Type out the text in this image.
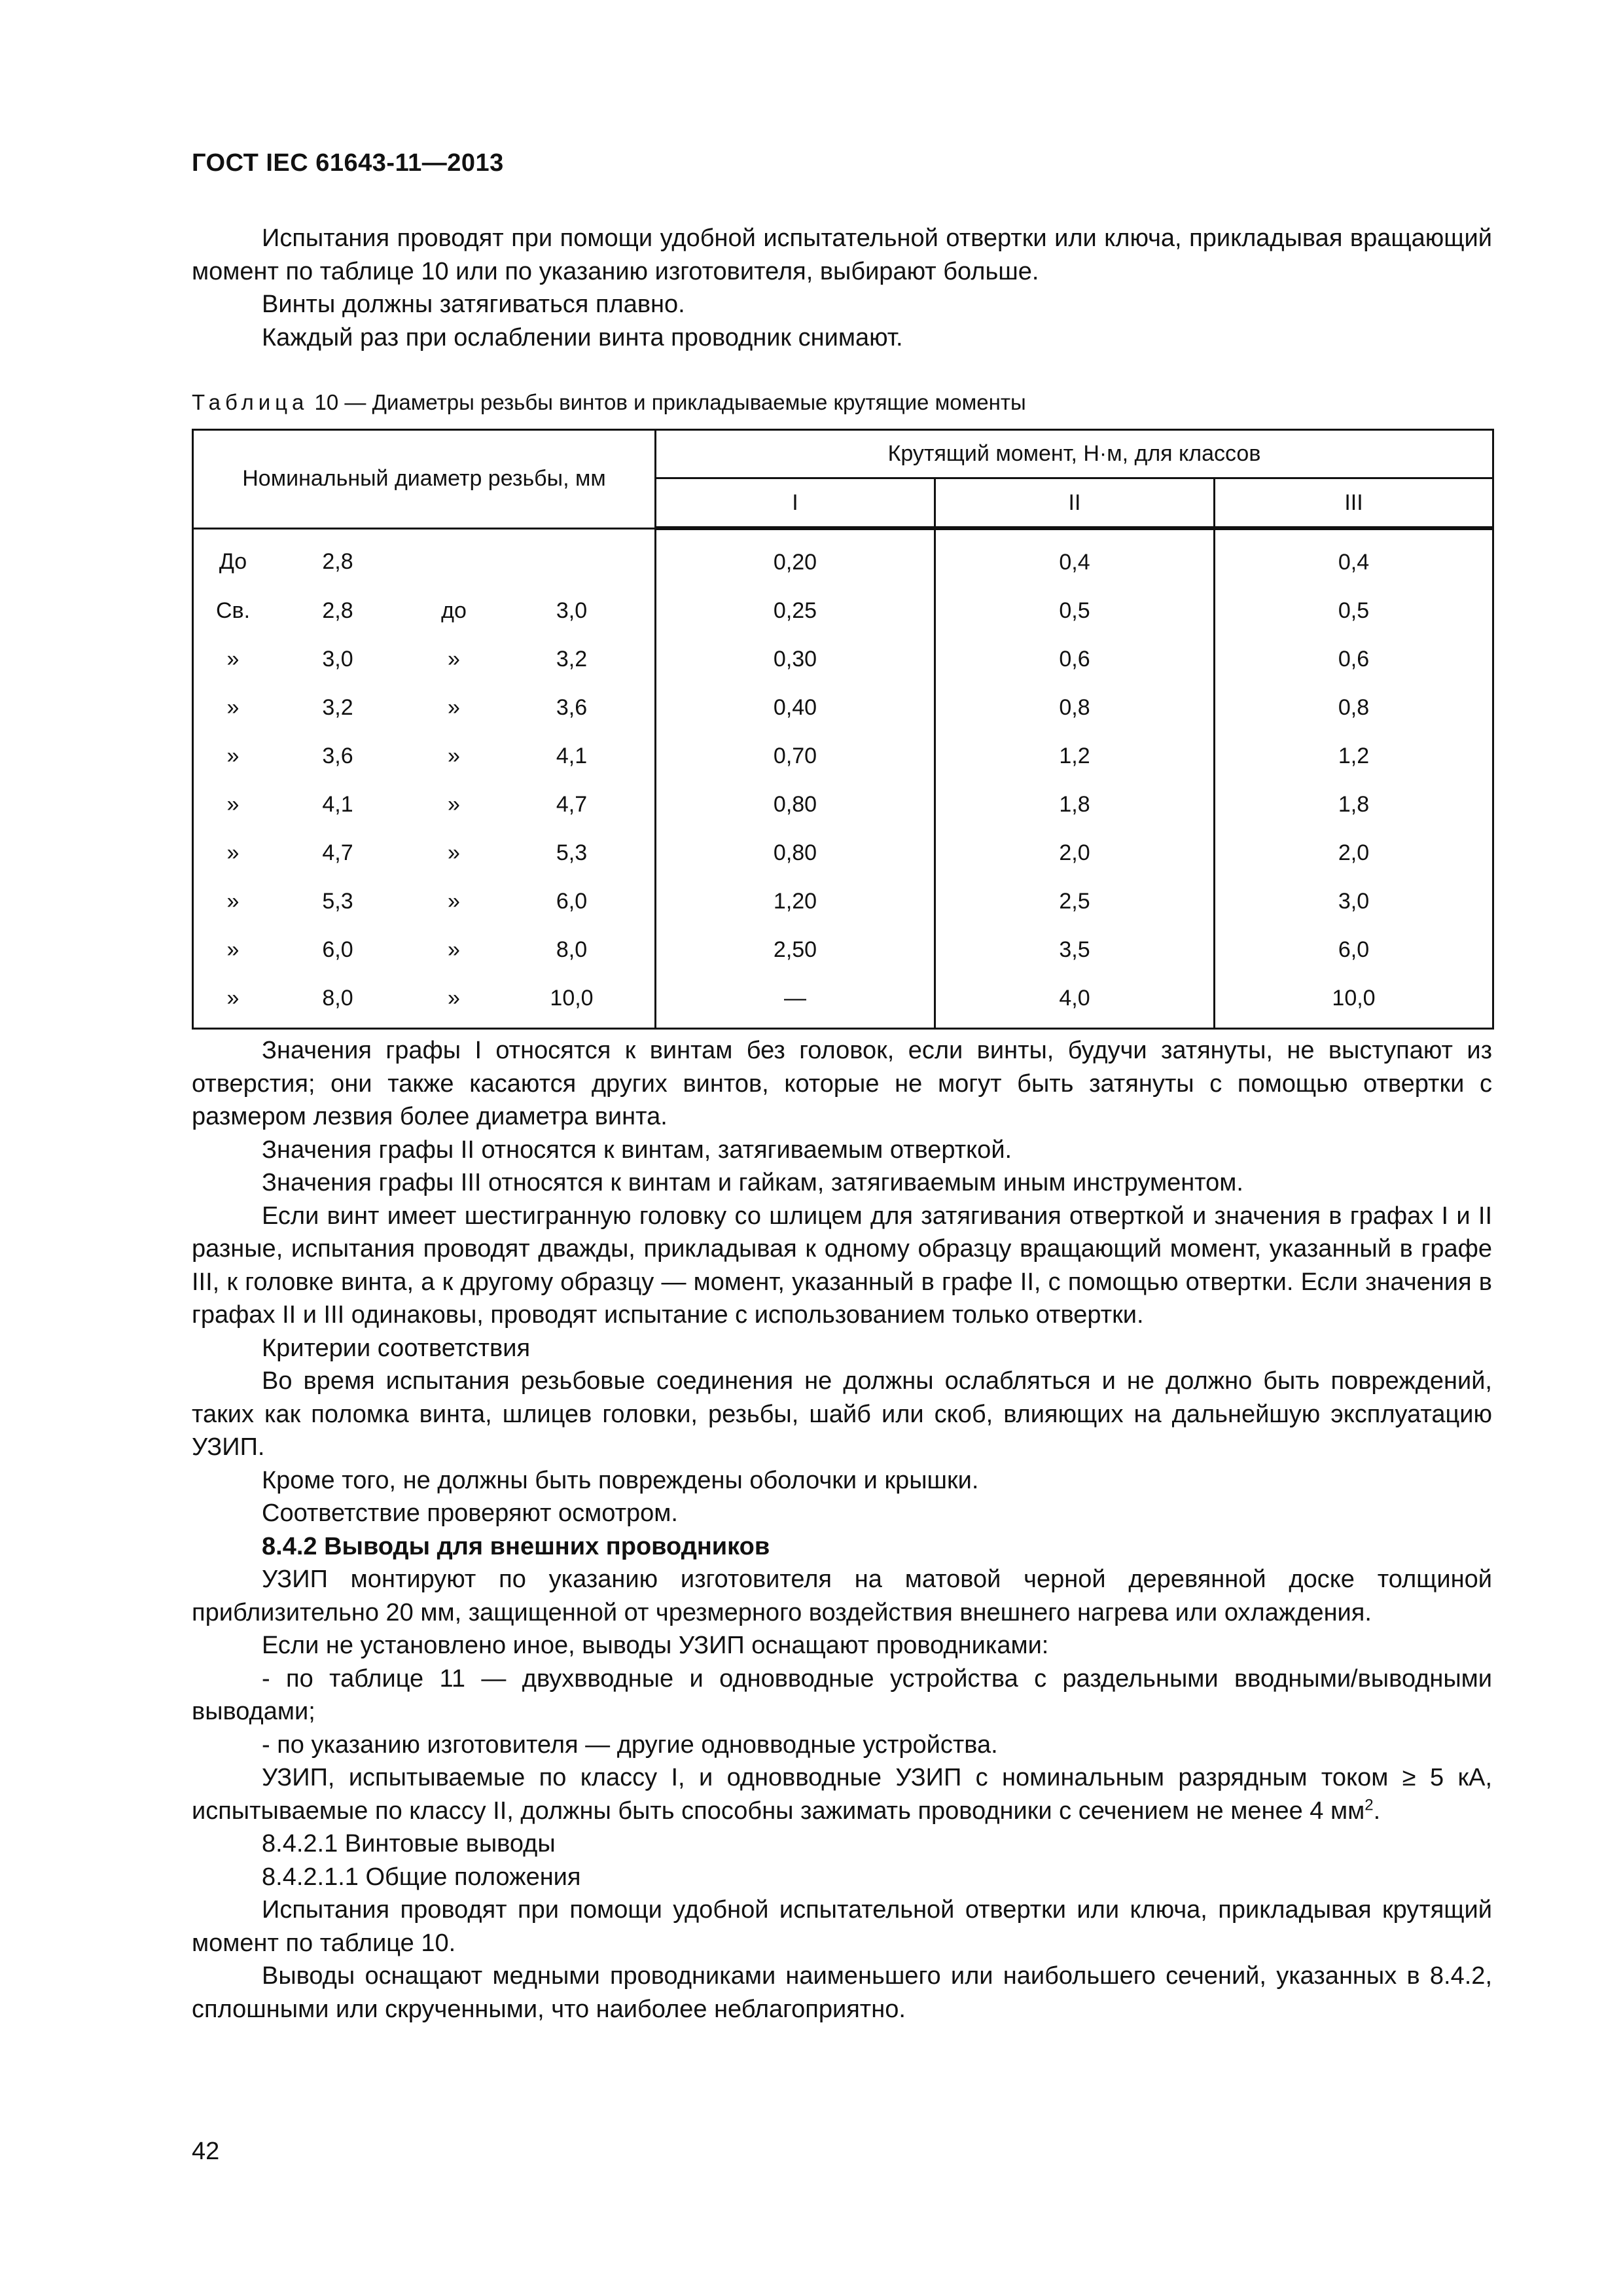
ГОСТ IEC 61643-11—2013

Испытания проводят при помощи удобной испытательной отвертки или ключа, прикладывая вращающий момент по таблице 10 или по указанию изготовителя, выбирают больше.

Винты должны затягиваться плавно.

Каждый раз при ослаблении винта проводник снимают.

Таблица 10 — Диаметры резьбы винтов и прикладываемые крутящие моменты
Номинальный диаметр резьбы, мм	Крутящий момент, Н·м, для классов		
	I	II	III

До 2,8	0,20	0,4	0,4

Св. 2,8 до 3,0	0,25	0,5	0,5

» 3,0 » 3,2	0,30	0,6	0,6

» 3,2 » 3,6	0,40	0,8	0,8

» 3,6 » 4,1	0,70	1,2	1,2

» 4,1 » 4,7	0,80	1,8	1,8

» 4,7 » 5,3	0,80	2,0	2,0

» 5,3 » 6,0	1,20	2,5	3,0

» 6,0 » 8,0	2,50	3,5	6,0

» 8,0 » 10,0	—	4,0	10,0

Значения графы I относятся к винтам без головок, если винты, будучи затянуты, не выступают из отверстия; они также касаются других винтов, которые не могут быть затянуты с помощью отвертки с размером лезвия более диаметра винта.

Значения графы II относятся к винтам, затягиваемым отверткой.

Значения графы III относятся к винтам и гайкам, затягиваемым иным инструментом.

Если винт имеет шестигранную головку со шлицем для затягивания отверткой и значения в графах I и II разные, испытания проводят дважды, прикладывая к одному образцу вращающий момент, указанный в графе III, к головке винта, а к другому образцу — момент, указанный в графе II, с помощью отвертки. Если значения в графах II и III одинаковы, проводят испытание с использованием только отвертки.

Критерии соответствия

Во время испытания резьбовые соединения не должны ослабляться и не должно быть повреждений, таких как поломка винта, шлицев головки, резьбы, шайб или скоб, влияющих на дальнейшую эксплуатацию УЗИП.

Кроме того, не должны быть повреждены оболочки и крышки.

Соответствие проверяют осмотром.

8.4.2 Выводы для внешних проводников

УЗИП монтируют по указанию изготовителя на матовой черной деревянной доске толщиной приблизительно 20 мм, защищенной от чрезмерного воздействия внешнего нагрева или охлаждения.

Если не установлено иное, выводы УЗИП оснащают проводниками:

- по таблице 11 — двухвводные и одновводные устройства с раздельными вводными/выводными выводами;

- по указанию изготовителя — другие одновводные устройства.

УЗИП, испытываемые по классу I, и одновводные УЗИП с номинальным разрядным током ≥ 5 кА, испытываемые по классу II, должны быть способны зажимать проводники с сечением не менее 4 $мм^2$.

8.4.2.1 Винтовые выводы

8.4.2.1.1 Общие положения

Испытания проводят при помощи удобной испытательной отвертки или ключа, прикладывая крутящий момент по таблице 10.

Выводы оснащают медными проводниками наименьшего или наибольшего сечений, указанных в 8.4.2, сплошными или скрученными, что наиболее неблагоприятно.

42
